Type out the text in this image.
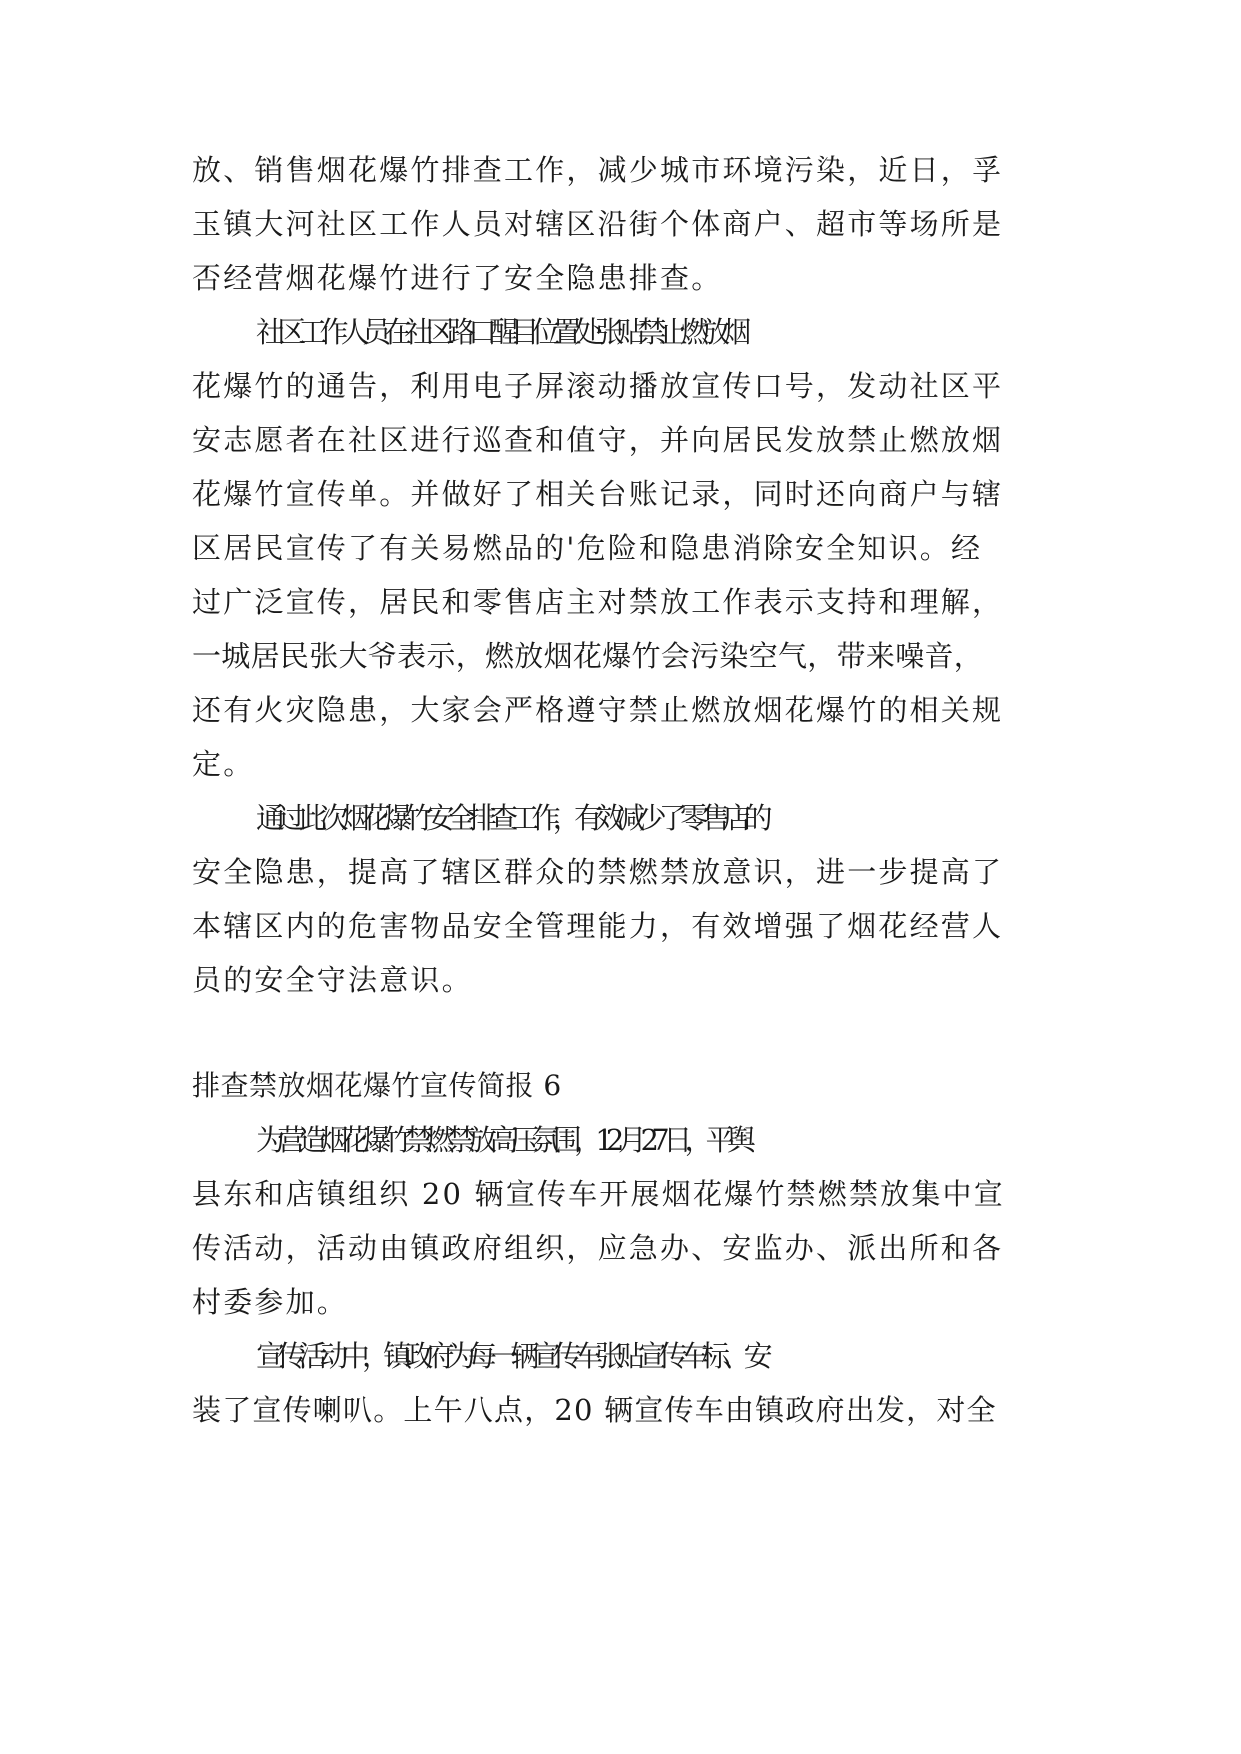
放、销售烟花爆竹排查工作，减少城市环境污染，近日，孚
玉镇大河社区工作人员对辖区沿街个体商户、超市等场所是
否经营烟花爆竹进行了安全隐患排查。
社区工作人员在社区路口醒目位置处张贴禁止燃放烟
花爆竹的通告，利用电子屏滚动播放宣传口号，发动社区平
安志愿者在社区进行巡查和值守，并向居民发放禁止燃放烟
花爆竹宣传单。并做好了相关台账记录，同时还向商户与辖
区居民宣传了有关易燃品的'危险和隐患消除安全知识。经
过广泛宣传，居民和零售店主对禁放工作表示支持和理解，
一城居民张大爷表示，燃放烟花爆竹会污染空气，带来噪音，
还有火灾隐患，大家会严格遵守禁止燃放烟花爆竹的相关规
定。
通过此次烟花爆竹安全排查工作，有效减少了零售店的
安全隐患，提高了辖区群众的禁燃禁放意识，进一步提高了
本辖区内的危害物品安全管理能力，有效增强了烟花经营人
员的安全守法意识。
排查禁放烟花爆竹宣传简报 6
为营造烟花爆竹禁燃禁放高压氛围，12 月 27 日，平舆
县东和店镇组织 20 辆宣传车开展烟花爆竹禁燃禁放集中宣
传活动，活动由镇政府组织，应急办、安监办、派出所和各
村委参加。
宣传活动中，镇政府为每一辆宣传车张贴宣传车标、安
装了宣传喇叭。上午八点，20 辆宣传车由镇政府出发，对全
